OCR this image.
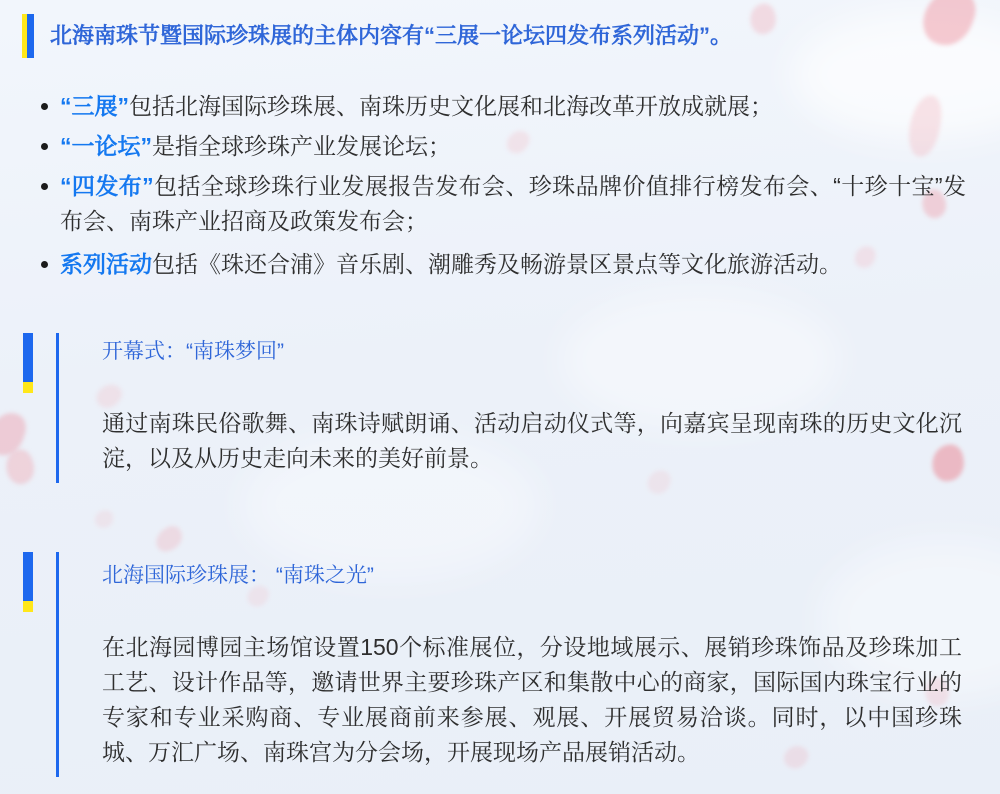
北海南珠节暨国际珍珠展的主体内容有“三展一论坛四发布系列活动”。
“三展”包括北海国际珍珠展、南珠历史文化展和北海改革开放成就展；
“一论坛”是指全球珍珠产业发展论坛；
“四发布”包括全球珍珠行业发展报告发布会、珍珠品牌价值排行榜发布会、“十珍十宝”发布会、南珠产业招商及政策发布会；
系列活动包括《珠还合浦》音乐剧、潮雕秀及畅游景区景点等文化旅游活动。
开幕式：“南珠梦回”
通过南珠民俗歌舞、南珠诗赋朗诵、活动启动仪式等，向嘉宾呈现南珠的历史文化沉淀，以及从历史走向未来的美好前景。
北海国际珍珠展： “南珠之光”
在北海园博园主场馆设置150个标准展位，分设地域展示、展销珍珠饰品及珍珠加工工艺、设计作品等，邀请世界主要珍珠产区和集散中心的商家，国际国内珠宝行业的专家和专业采购商、专业展商前来参展、观展、开展贸易洽谈。同时，以中国珍珠城、万汇广场、南珠宫为分会场，开展现场产品展销活动。
